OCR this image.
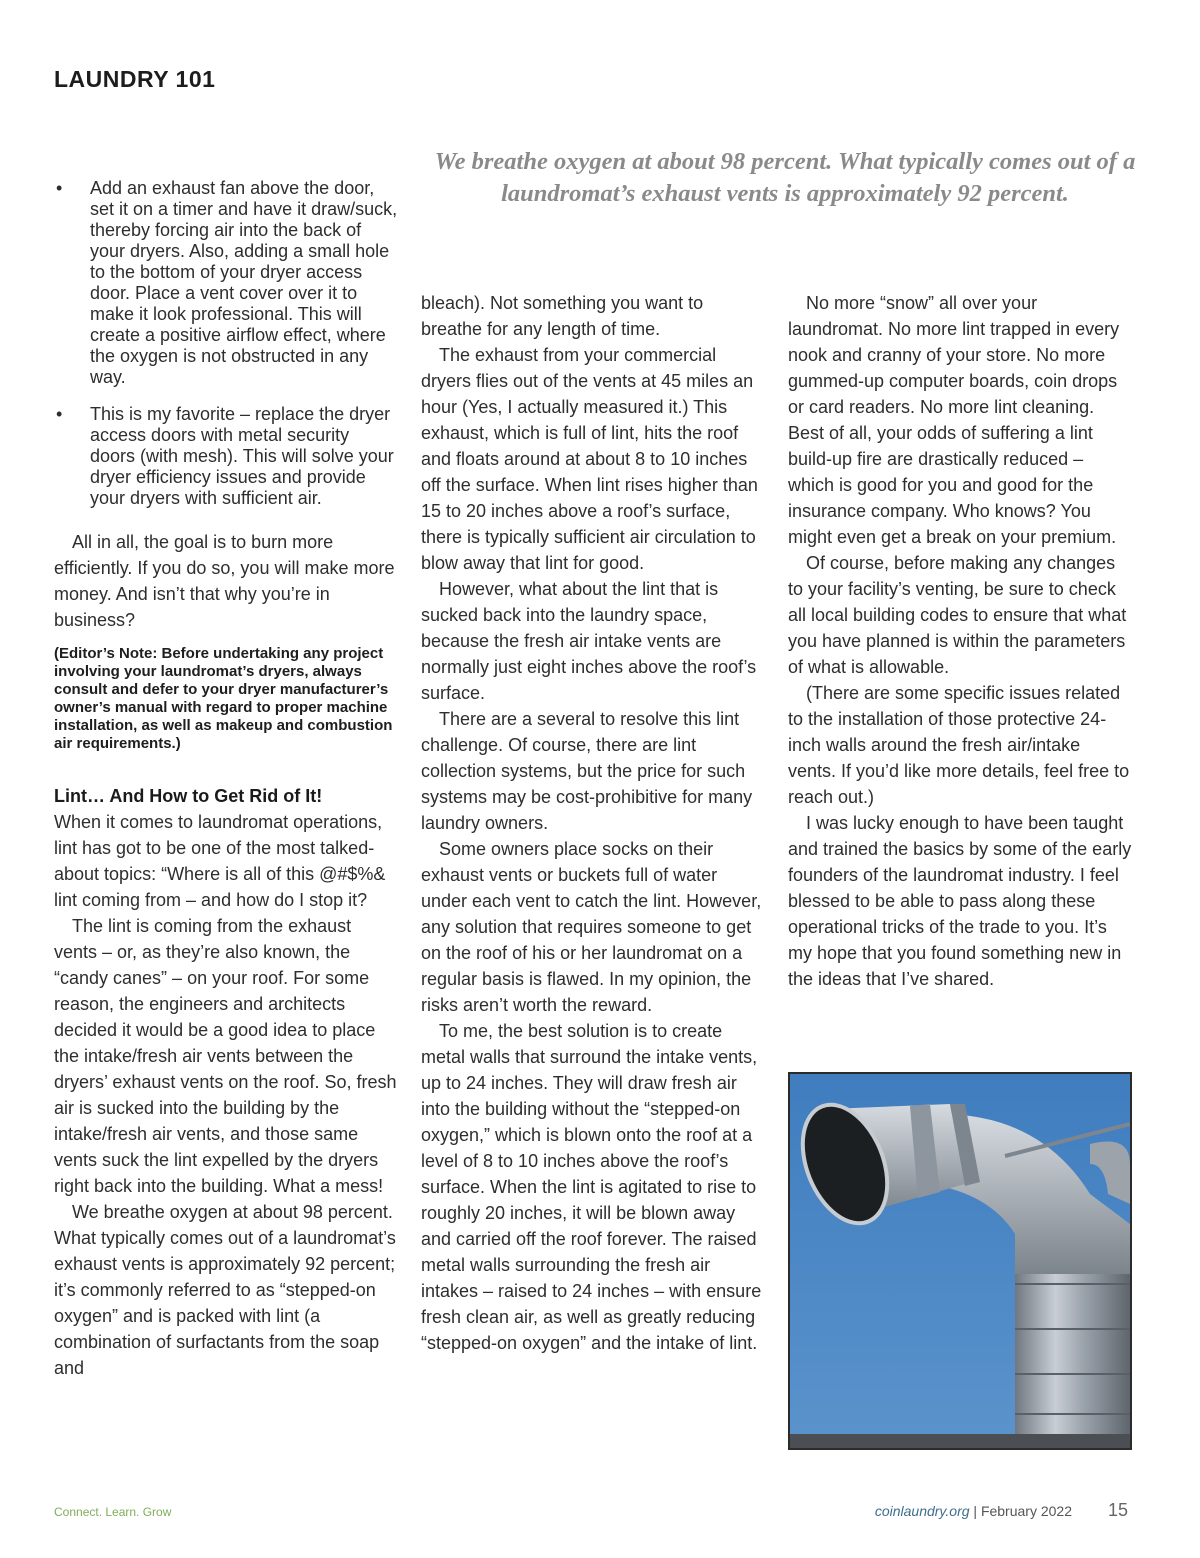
LAUNDRY 101
We breathe oxygen at about 98 percent. What typically comes out of a laundromat’s exhaust vents is approximately 92 percent.
• Add an exhaust fan above the door, set it on a timer and have it draw/suck, thereby forcing air into the back of your dryers. Also, adding a small hole to the bottom of your dryer access door. Place a vent cover over it to make it look professional. This will create a positive airflow effect, where the oxygen is not obstructed in any way.
• This is my favorite – replace the dryer access doors with metal security doors (with mesh). This will solve your dryer efficiency issues and provide your dryers with sufficient air.

All in all, the goal is to burn more efficiently. If you do so, you will make more money. And isn’t that why you’re in business?

(Editor’s Note: Before undertaking any project involving your laundromat’s dryers, always consult and defer to your dryer manufacturer’s owner’s manual with regard to proper machine installation, as well as makeup and combustion air requirements.)
Lint… And How to Get Rid of It!

When it comes to laundromat operations, lint has got to be one of the most talked-about topics: “Where is all of this @#$%& lint coming from – and how do I stop it?

The lint is coming from the exhaust vents – or, as they’re also known, the “candy canes” – on your roof. For some reason, the engineers and architects decided it would be a good idea to place the intake/fresh air vents between the dryers’ exhaust vents on the roof. So, fresh air is sucked into the building by the intake/fresh air vents, and those same vents suck the lint expelled by the dryers right back into the building. What a mess!

We breathe oxygen at about 98 percent. What typically comes out of a laundromat’s exhaust vents is approximately 92 percent; it’s commonly referred to as “stepped-on oxygen” and is packed with lint (a combination of surfactants from the soap and

bleach). Not something you want to breathe for any length of time.

The exhaust from your commercial dryers flies out of the vents at 45 miles an hour (Yes, I actually measured it.) This exhaust, which is full of lint, hits the roof and floats around at about 8 to 10 inches off the surface. When lint rises higher than 15 to 20 inches above a roof’s surface, there is typically sufficient air circulation to blow away that lint for good.

However, what about the lint that is sucked back into the laundry space, because the fresh air intake vents are normally just eight inches above the roof’s surface.

There are a several to resolve this lint challenge. Of course, there are lint collection systems, but the price for such systems may be cost-prohibitive for many laundry owners.

Some owners place socks on their exhaust vents or buckets full of water under each vent to catch the lint. However, any solution that requires someone to get on the roof of his or her laundromat on a regular basis is flawed. In my opinion, the risks aren’t worth the reward.

To me, the best solution is to create metal walls that surround the intake vents, up to 24 inches. They will draw fresh air into the building without the “stepped-on oxygen,” which is blown onto the roof at a level of 8 to 10 inches above the roof’s surface. When the lint is agitated to rise to roughly 20 inches, it will be blown away and carried off the roof forever. The raised metal walls surrounding the fresh air intakes – raised to 24 inches – with ensure fresh clean air, as well as greatly reducing “stepped-on oxygen” and the intake of lint.

No more “snow” all over your laundromat. No more lint trapped in every nook and cranny of your store. No more gummed-up computer boards, coin drops or card readers. No more lint cleaning. Best of all, your odds of suffering a lint build-up fire are drastically reduced – which is good for you and good for the insurance company. Who knows? You might even get a break on your premium.

Of course, before making any changes to your facility’s venting, be sure to check all local building codes to ensure that what you have planned is within the parameters of what is allowable.

(There are some specific issues related to the installation of those protective 24-inch walls around the fresh air/intake vents. If you’d like more details, feel free to reach out.)

I was lucky enough to have been taught and trained the basics by some of the early founders of the laundromat industry. I feel blessed to be able to pass along these operational tricks of the trade to you. It’s my hope that you found something new in the ideas that I’ve shared.

Connect. Learn. Grow	coinlaundry.org | February 2022 15
